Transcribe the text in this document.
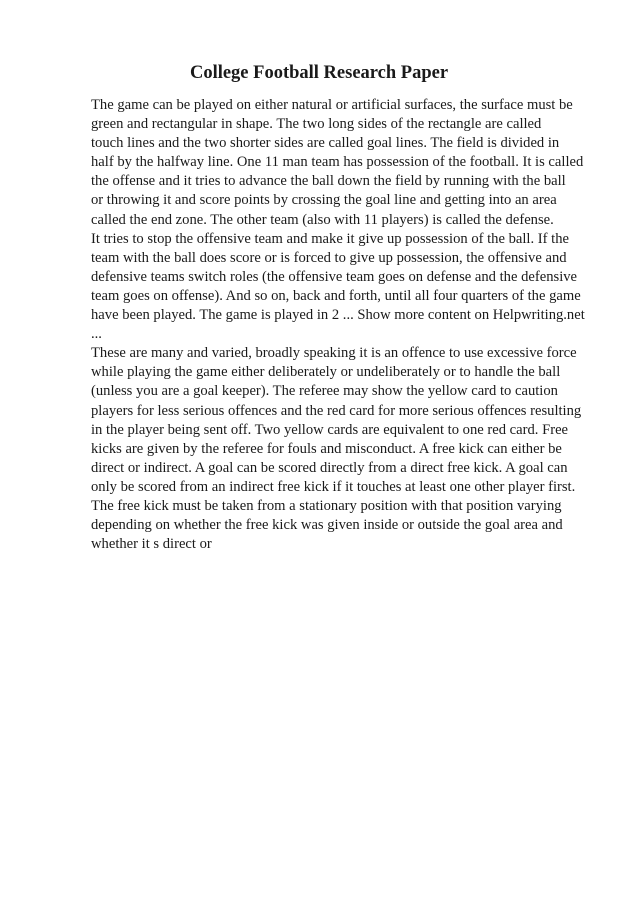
College Football Research Paper
The game can be played on either natural or artificial surfaces, the surface must be
green and rectangular in shape. The two long sides of the rectangle are called
touch lines and the two shorter sides are called goal lines. The field is divided in
half by the halfway line. One 11 man team has possession of the football. It is called
the offense and it tries to advance the ball down the field by running with the ball
or throwing it and score points by crossing the goal line and getting into an area
called the end zone. The other team (also with 11 players) is called the defense.
It tries to stop the offensive team and make it give up possession of the ball. If the
team with the ball does score or is forced to give up possession, the offensive and
defensive teams switch roles (the offensive team goes on defense and the defensive
team goes on offense). And so on, back and forth, until all four quarters of the game
have been played. The game is played in 2 ... Show more content on Helpwriting.net
...
These are many and varied, broadly speaking it is an offence to use excessive force
while playing the game either deliberately or undeliberately or to handle the ball
(unless you are a goal keeper). The referee may show the yellow card to caution
players for less serious offences and the red card for more serious offences resulting
in the player being sent off. Two yellow cards are equivalent to one red card. Free
kicks are given by the referee for fouls and misconduct. A free kick can either be
direct or indirect. A goal can be scored directly from a direct free kick. A goal can
only be scored from an indirect free kick if it touches at least one other player first.
The free kick must be taken from a stationary position with that position varying
depending on whether the free kick was given inside or outside the goal area and
whether it s direct or
